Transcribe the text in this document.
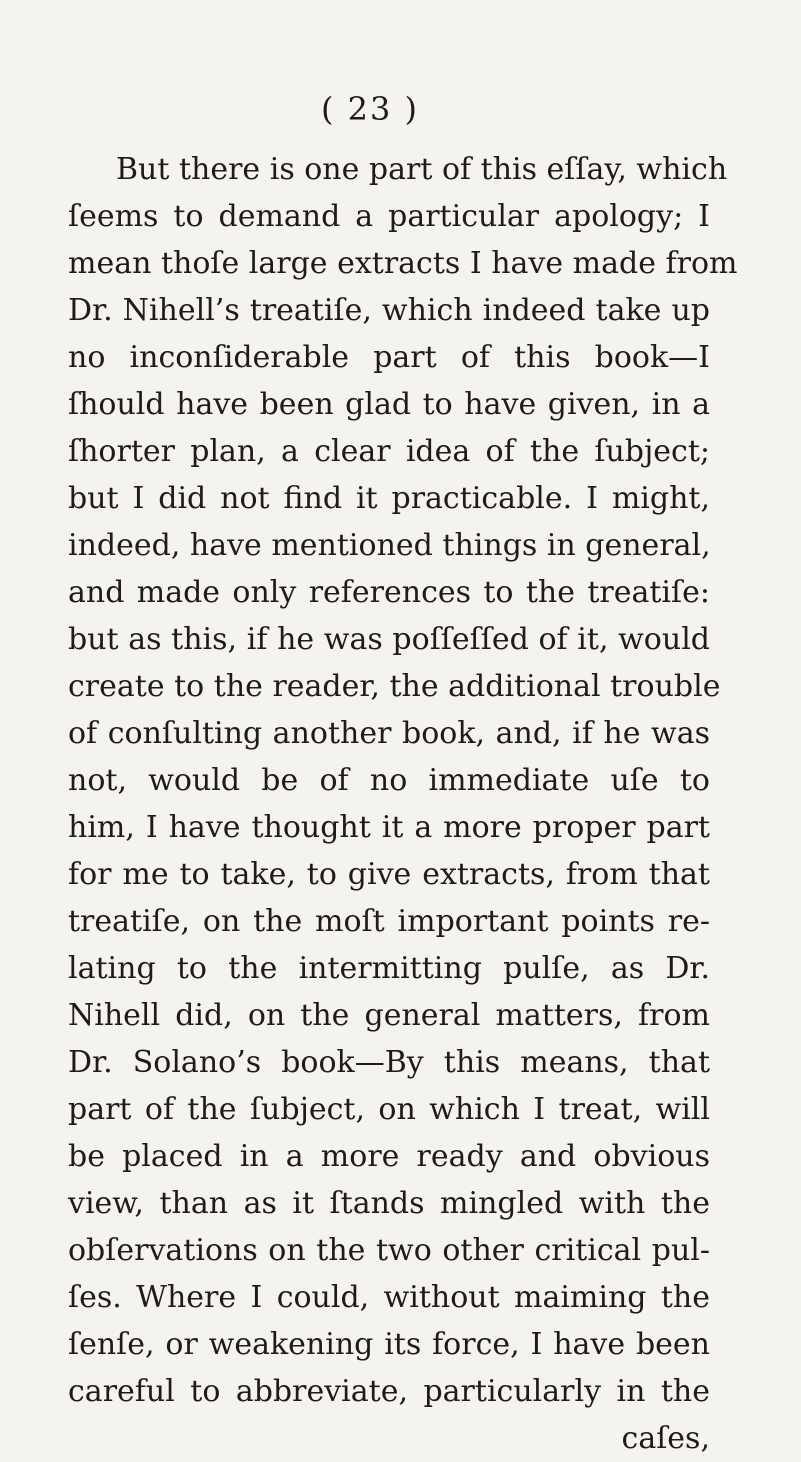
( 23 )
But there is one part of this eſſay, which
ſeems to demand a particular apology; I
mean thoſe large extracts I have made from
Dr. Nihell’s treatiſe, which indeed take up
no inconſiderable part of this book—I
ſhould have been glad to have given, in a
ſhorter plan, a clear idea of the ſubject;
but I did not find it practicable. I might,
indeed, have mentioned things in general,
and made only references to the treatiſe:
but as this, if he was poſſeſſed of it, would
create to the reader, the additional trouble
of conſulting another book, and, if he was
not, would be of no immediate uſe to
him, I have thought it a more proper part
for me to take, to give extracts, from that
treatiſe, on the moſt important points re-
lating to the intermitting pulſe, as Dr.
Nihell did, on the general matters, from
Dr. Solano’s book—By this means, that
part of the ſubject, on which I treat, will
be placed in a more ready and obvious
view, than as it ſtands mingled with the
obſervations on the two other critical pul-
ſes. Where I could, without maiming the
ſenſe, or weakening its force, I have been
careful to abbreviate, particularly in the
caſes,
